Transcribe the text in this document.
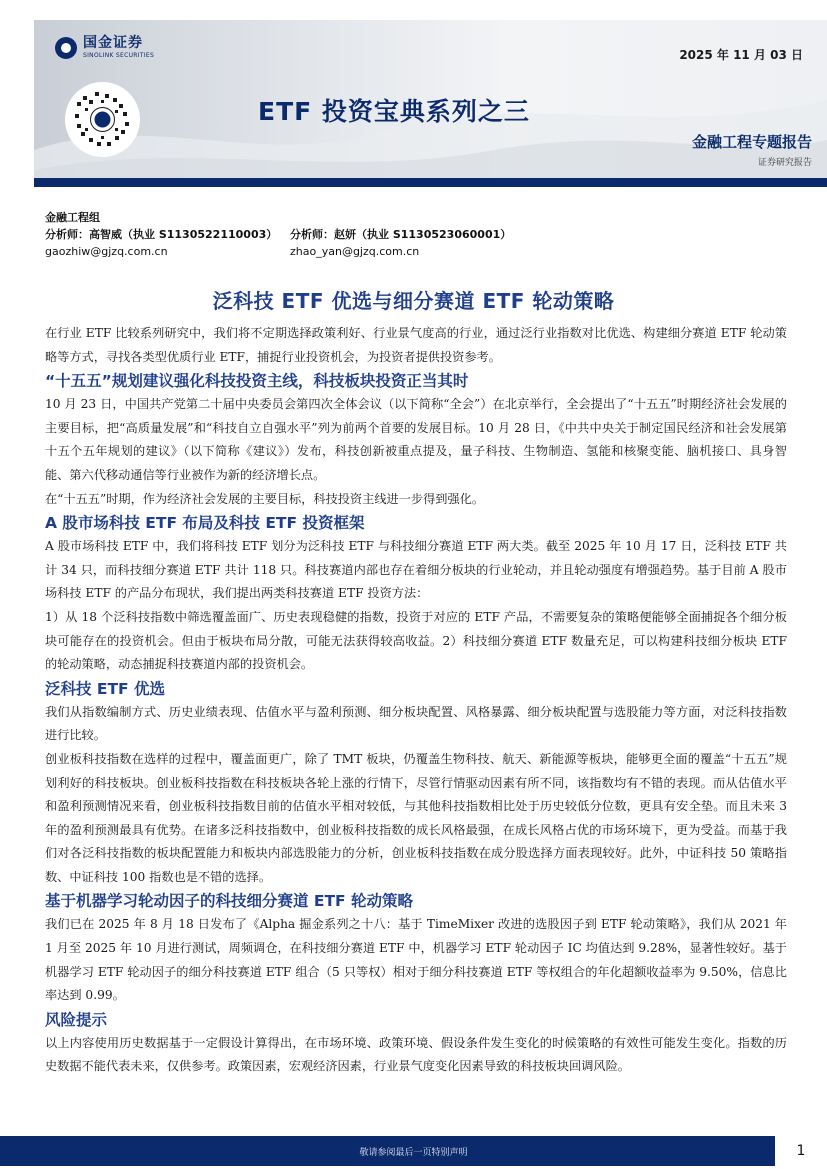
国金证券
SINOLINK SECURITIES	2025 年 11 月 03 日
ETF 投资宝典系列之三
金融工程专题报告
证券研究报告
金融工程组
分析师：高智威（执业 S1130522110003）	分析师：赵妍（执业 S1130523060001）
gaozhiw@gjzq.com.cn	zhao_yan@gjzq.com.cn
泛科技 ETF 优选与细分赛道 ETF 轮动策略

在行业 ETF 比较系列研究中，我们将不定期选择政策利好、行业景气度高的行业，通过泛行业指数对比优选、构建细分赛道 ETF 轮动策略等方式，寻找各类型优质行业 ETF，捕捉行业投资机会，为投资者提供投资参考。

“十五五”规划建议强化科技投资主线，科技板块投资正当其时

10 月 23 日，中国共产党第二十届中央委员会第四次全体会议（以下简称“全会”）在北京举行，全会提出了“十五五”时期经济社会发展的主要目标，把“高质量发展”和“科技自立自强水平”列为前两个首要的发展目标。10 月 28 日，《中共中央关于制定国民经济和社会发展第十五个五年规划的建议》（以下简称《建议》）发布，科技创新被重点提及，量子科技、生物制造、氢能和核聚变能、脑机接口、具身智能、第六代移动通信等行业被作为新的经济增长点。

在“十五五”时期，作为经济社会发展的主要目标，科技投资主线进一步得到强化。

A 股市场科技 ETF 布局及科技 ETF 投资框架

A 股市场科技 ETF 中，我们将科技 ETF 划分为泛科技 ETF 与科技细分赛道 ETF 两大类。截至 2025 年 10 月 17 日，泛科技 ETF 共计 34 只，而科技细分赛道 ETF 共计 118 只。科技赛道内部也存在着细分板块的行业轮动，并且轮动强度有增强趋势。基于目前 A 股市场科技 ETF 的产品分布现状，我们提出两类科技赛道 ETF 投资方法：

1）从 18 个泛科技指数中筛选覆盖面广、历史表现稳健的指数，投资于对应的 ETF 产品，不需要复杂的策略便能够全面捕捉各个细分板块可能存在的投资机会。但由于板块布局分散，可能无法获得较高收益。2）科技细分赛道 ETF 数量充足，可以构建科技细分板块 ETF 的轮动策略，动态捕捉科技赛道内部的投资机会。

泛科技 ETF 优选

我们从指数编制方式、历史业绩表现、估值水平与盈利预测、细分板块配置、风格暴露、细分板块配置与选股能力等方面，对泛科技指数进行比较。

创业板科技指数在选样的过程中，覆盖面更广，除了 TMT 板块，仍覆盖生物科技、航天、新能源等板块，能够更全面的覆盖“十五五”规划利好的科技板块。创业板科技指数在科技板块各轮上涨的行情下，尽管行情驱动因素有所不同，该指数均有不错的表现。而从估值水平和盈利预测情况来看，创业板科技指数目前的估值水平相对较低，与其他科技指数相比处于历史较低分位数，更具有安全垫。而且未来 3 年的盈利预测最具有优势。在诸多泛科技指数中，创业板科技指数的成长风格最强，在成长风格占优的市场环境下，更为受益。而基于我们对各泛科技指数的板块配置能力和板块内部选股能力的分析，创业板科技指数在成分股选择方面表现较好。此外，中证科技 50 策略指数、中证科技 100 指数也是不错的选择。

基于机器学习轮动因子的科技细分赛道 ETF 轮动策略

我们已在 2025 年 8 月 18 日发布了《Alpha 掘金系列之十八：基于 TimeMixer 改进的选股因子到 ETF 轮动策略》，我们从 2021 年 1 月至 2025 年 10 月进行测试，周频调仓，在科技细分赛道 ETF 中，机器学习 ETF 轮动因子 IC 均值达到 9.28%，显著性较好。基于机器学习 ETF 轮动因子的细分科技赛道 ETF 组合（5 只等权）相对于细分科技赛道 ETF 等权组合的年化超额收益率为 9.50%，信息比率达到 0.99。

风险提示

以上内容使用历史数据基于一定假设计算得出，在市场环境、政策环境、假设条件发生变化的时候策略的有效性可能发生变化。指数的历史数据不能代表未来，仅供参考。政策因素，宏观经济因素，行业景气度变化因素导致的科技板块回调风险。

敬请参阅最后一页特别声明	1
